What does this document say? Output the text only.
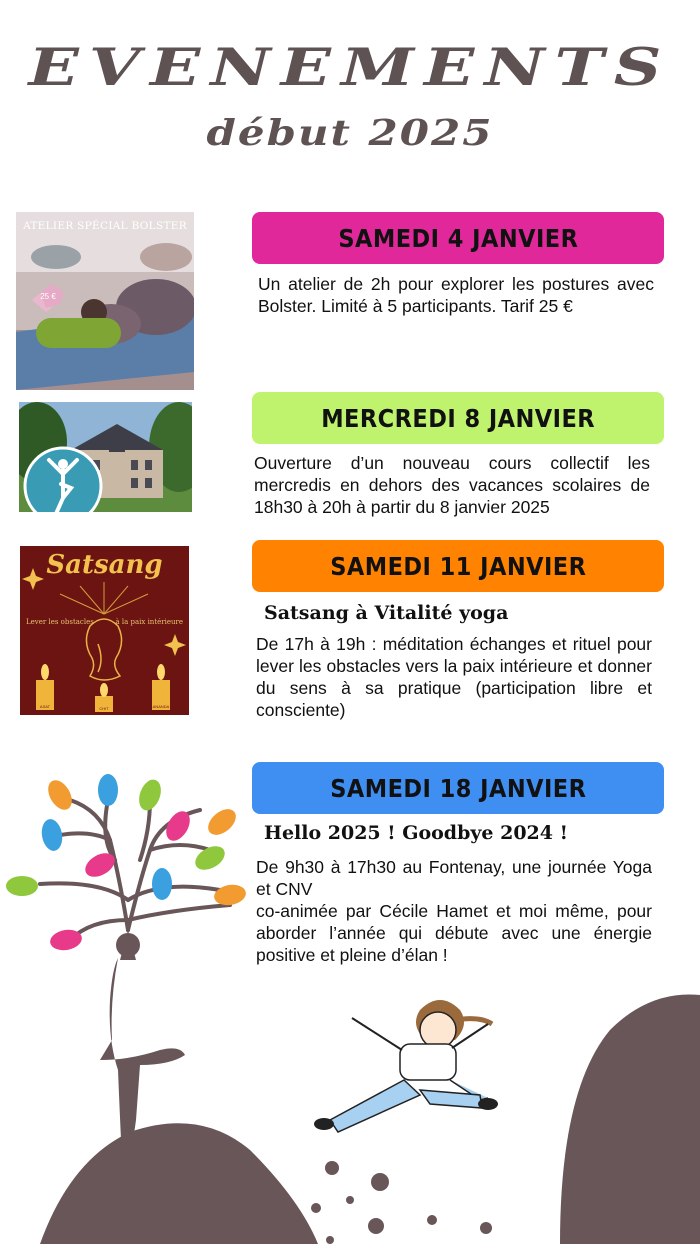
EVENEMENTS
début 2025
ATELIER SPÉCIAL BOLSTER
25 €
SAMEDI 4 JANVIER

Un atelier de 2h pour explorer les postures avec Bolster. Limité à 5 participants. Tarif 25 €

MERCREDI 8 JANVIER

Ouverture d’un nouveau cours collectif les mercredis en dehors des vacances scolaires de 18h30 à 20h à partir du 8 janvier 2025

Satsang
Lever les obstacles	à la paix intérieure
ASAT	CHIT	ANANDA
SAMEDI 11 JANVIER
Satsang à Vitalité yoga

De 17h à 19h : méditation échanges et rituel pour lever les obstacles vers la paix intérieure et donner du sens à sa pratique (participation libre et consciente)

SAMEDI 18 JANVIER
Hello 2025 ! Goodbye 2024 !

De 9h30 à 17h30 au Fontenay, une journée Yoga et CNV

co-animée par Cécile Hamet et moi même, pour aborder l’année qui débute avec une énergie positive et pleine d’élan !
